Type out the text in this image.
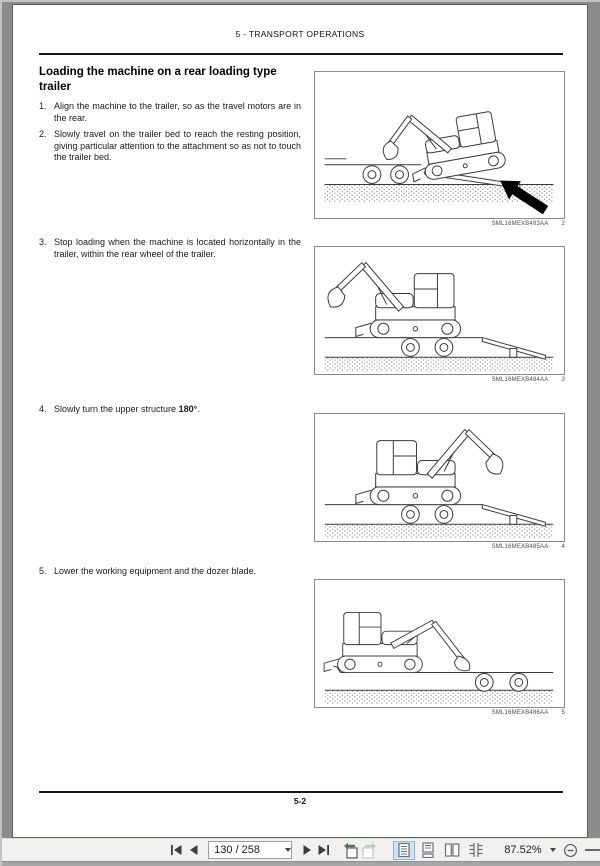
5 - TRANSPORT OPERATIONS
Loading the machine on a rear loading type trailer
1. Align the machine to the trailer, so as the travel motors are in the rear.
2. Slowly travel on the trailer bed to reach the resting position, giving particular attention to the attachment so as not to touch the trailer bed.
3. Stop loading when the machine is located horizontally in the trailer, within the rear wheel of the trailer.
4. Slowly turn the upper structure 180°.
5. Lower the working equipment and the dozer blade.
SML16MEXB483AA 2
SML16MEXB484AA 3
SML16MEXB485AA 4
SML16MEXB486AA 5
5-2
130 / 258
87.52%
